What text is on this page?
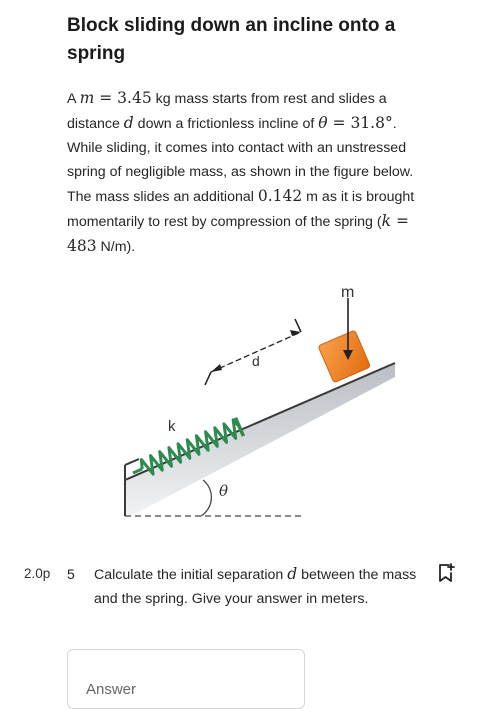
Block sliding down an incline onto a spring
A m = 3.45 kg mass starts from rest and slides a distance d down a frictionless incline of θ = 31.8°. While sliding, it comes into contact with an unstressed spring of negligible mass, as shown in the figure below. The mass slides an additional 0.142 m as it is brought momentarily to rest by compression of the spring (k = 483 N/m).
θ
k
d
m
2.0p 5 Calculate the initial separation d between the mass and the spring. Give your answer in meters.
Answer
